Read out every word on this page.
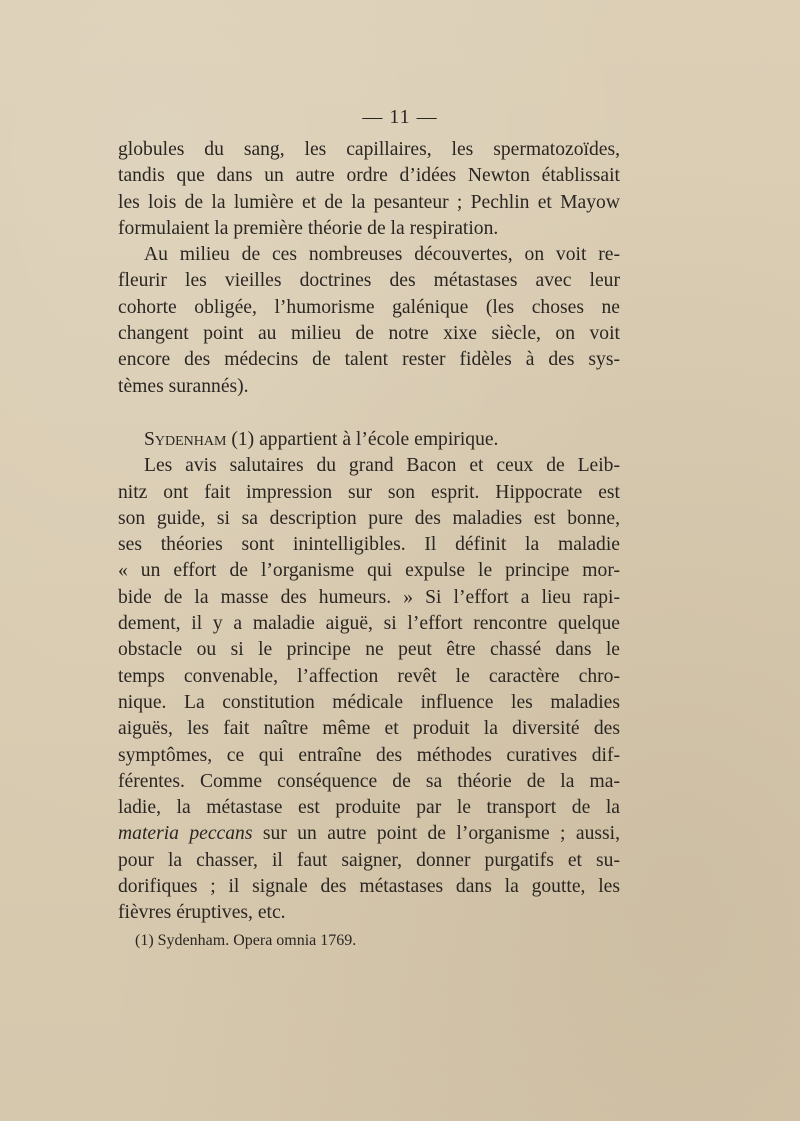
— 11 —
globules du sang, les capillaires, les spermatozoïdes,
tandis que dans un autre ordre d’idées Newton établissait
les lois de la lumière et de la pesanteur ; Pechlin et Mayow
formulaient la première théorie de la respiration.
Au milieu de ces nombreuses découvertes, on voit re-
fleurir les vieilles doctrines des métastases avec leur
cohorte obligée, l’humorisme galénique (les choses ne
changent point au milieu de notre xixe siècle, on voit
encore des médecins de talent rester fidèles à des sys-
tèmes surannés).
Sydenham (1) appartient à l’école empirique.
Les avis salutaires du grand Bacon et ceux de Leib-
nitz ont fait impression sur son esprit. Hippocrate est
son guide, si sa description pure des maladies est bonne,
ses théories sont inintelligibles. Il définit la maladie
« un effort de l’organisme qui expulse le principe mor-
bide de la masse des humeurs. » Si l’effort a lieu rapi-
dement, il y a maladie aiguë, si l’effort rencontre quelque
obstacle ou si le principe ne peut être chassé dans le
temps convenable, l’affection revêt le caractère chro-
nique. La constitution médicale influence les maladies
aiguës, les fait naître même et produit la diversité des
symptômes, ce qui entraîne des méthodes curatives dif-
férentes. Comme conséquence de sa théorie de la ma-
ladie, la métastase est produite par le transport de la
materia peccans sur un autre point de l’organisme ; aussi,
pour la chasser, il faut saigner, donner purgatifs et su-
dorifiques ; il signale des métastases dans la goutte, les
fièvres éruptives, etc.
(1) Sydenham. Opera omnia 1769.
